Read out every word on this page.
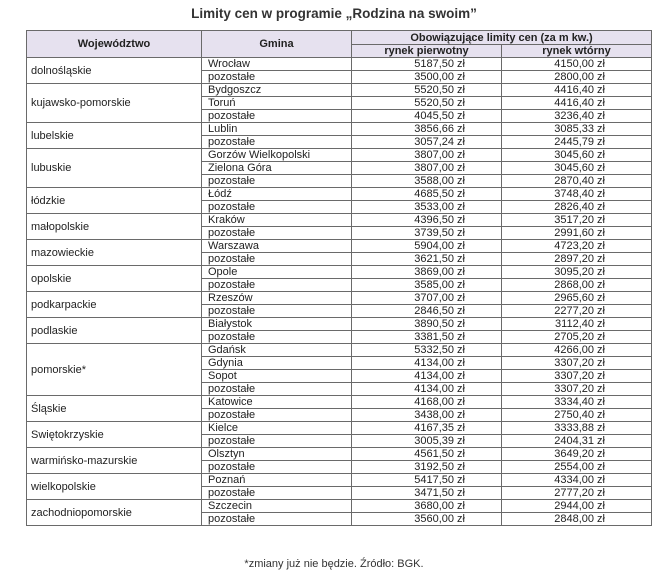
Limity cen w programie „Rodzina na swoim”
Województwo	Gmina	Obowiązujące limity cen (za m kw.)	
		rynek pierwotny	rynek wtórny
dolnośląskie	Wrocław	5187,50 zł	4150,00 zł
	pozostałe	3500,00 zł	2800,00 zł
kujawsko-pomorskie	Bydgoszcz	5520,50 zł	4416,40 zł
	Toruń	5520,50 zł	4416,40 zł
	pozostałe	4045,50 zł	3236,40 zł
lubelskie	Lublin	3856,66 zł	3085,33 zł
	pozostałe	3057,24 zł	2445,79 zł
lubuskie	Gorzów Wielkopolski	3807,00 zł	3045,60 zł
	Zielona Góra	3807,00 zł	3045,60 zł
	pozostałe	3588,00 zł	2870,40 zł
łódzkie	Łódź	4685,50 zł	3748,40 zł
	pozostałe	3533,00 zł	2826,40 zł
małopolskie	Kraków	4396,50 zł	3517,20 zł
	pozostałe	3739,50 zł	2991,60 zł
mazowieckie	Warszawa	5904,00 zł	4723,20 zł
	pozostałe	3621,50 zł	2897,20 zł
opolskie	Opole	3869,00 zł	3095,20 zł
	pozostałe	3585,00 zł	2868,00 zł
podkarpackie	Rzeszów	3707,00 zł	2965,60 zł
	pozostałe	2846,50 zł	2277,20 zł
podlaskie	Białystok	3890,50 zł	3112,40 zł
	pozostałe	3381,50 zł	2705,20 zł
pomorskie*	Gdańsk	5332,50 zł	4266,00 zł
	Gdynia	4134,00 zł	3307,20 zł
	Sopot	4134,00 zł	3307,20 zł
	pozostałe	4134,00 zł	3307,20 zł
Śląskie	Katowice	4168,00 zł	3334,40 zł
	pozostałe	3438,00 zł	2750,40 zł
Swiętokrzyskie	Kielce	4167,35 zł	3333,88 zł
	pozostałe	3005,39 zł	2404,31 zł
warmińsko-mazurskie	Olsztyn	4561,50 zł	3649,20 zł
	pozostałe	3192,50 zł	2554,00 zł
wielkopolskie	Poznań	5417,50 zł	4334,00 zł
	pozostałe	3471,50 zł	2777,20 zł
zachodniopomorskie	Szczecin	3680,00 zł	2944,00 zł
	pozostałe	3560,00 zł	2848,00 zł
*zmiany już nie będzie. Źródło: BGK.
